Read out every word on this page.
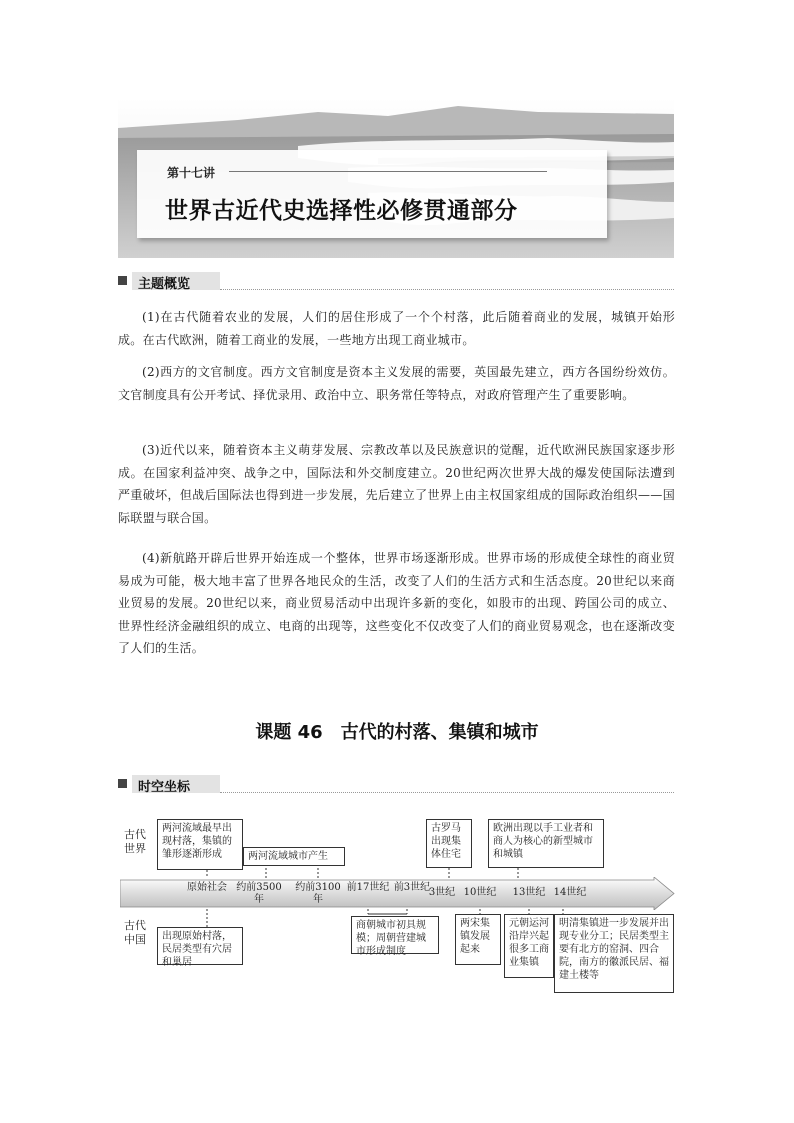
第十七讲
世界古近代史选择性必修贯通部分
主题概览

(1)在古代随着农业的发展，人们的居住形成了一个个村落，此后随着商业的发展，城镇开始形成。在古代欧洲，随着工商业的发展，一些地方出现工商业城市。

(2)西方的文官制度。西方文官制度是资本主义发展的需要，英国最先建立，西方各国纷纷效仿。文官制度具有公开考试、择优录用、政治中立、职务常任等特点，对政府管理产生了重要影响。

(3)近代以来，随着资本主义萌芽发展、宗教改革以及民族意识的觉醒，近代欧洲民族国家逐步形成。在国家利益冲突、战争之中，国际法和外交制度建立。20世纪两次世界大战的爆发使国际法遭到严重破坏，但战后国际法也得到进一步发展，先后建立了世界上由主权国家组成的国际政治组织——国际联盟与联合国。

(4)新航路开辟后世界开始连成一个整体，世界市场逐渐形成。世界市场的形成使全球性的商业贸易成为可能，极大地丰富了世界各地民众的生活，改变了人们的生活方式和生活态度。20世纪以来商业贸易的发展。20世纪以来，商业贸易活动中出现许多新的变化，如股市的出现、跨国公司的成立、世界性经济金融组织的成立、电商的出现等，这些变化不仅改变了人们的商业贸易观念，也在逐渐改变了人们的生活。

课题 46　古代的村落、集镇和城市
时空坐标
古代世界
古代中国
原始社会 约前3500年
约前3100年
前17世纪 前3世纪
3世纪 10世纪	13世纪 14世纪
两河流域最早出现村落，集镇的雏形逐渐形成	两河流域城市产生
古罗马出现集体住宅
欧洲出现以手工业者和商人为核心的新型城市和城镇
出现原始村落，民居类型有穴居和巢居
商朝城市初具规模；周朝营建城市形成制度
两宋集镇发展起来
元朝运河沿岸兴起很多工商业集镇
明清集镇进一步发展并出现专业分工；民居类型主要有北方的窑洞、四合院，南方的徽派民居、福建土楼等
